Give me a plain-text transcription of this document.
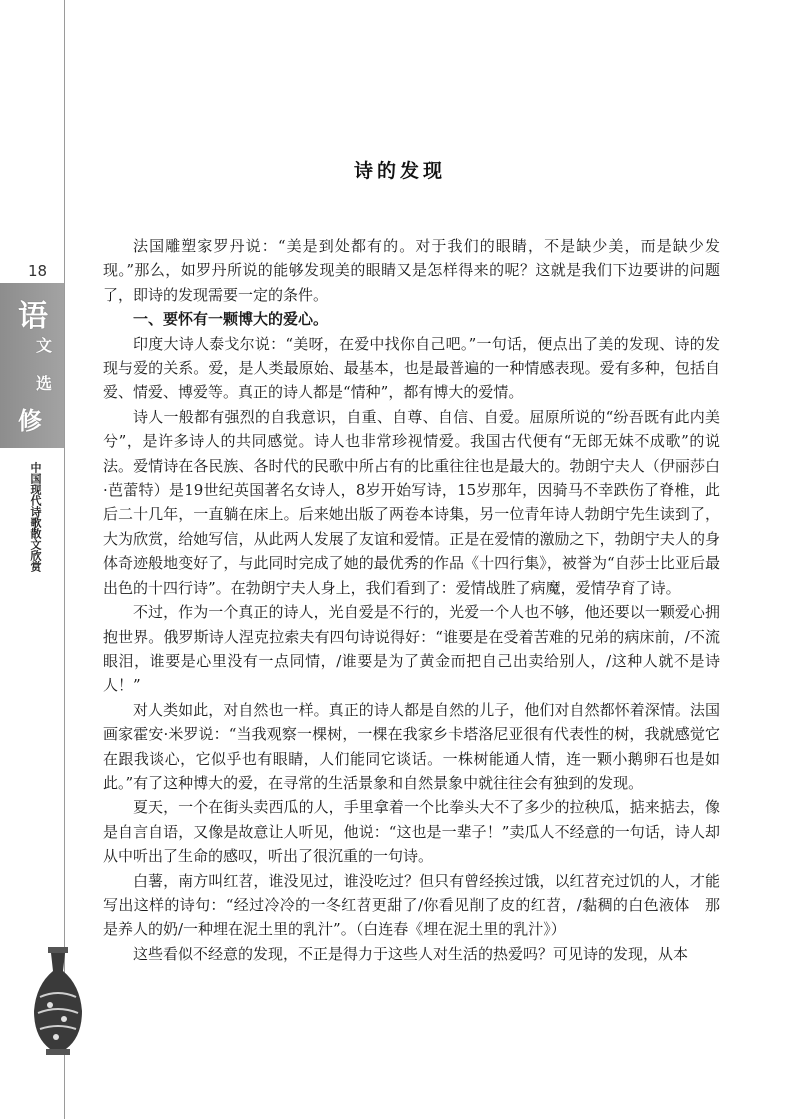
18
语
文
选
修
中国现代诗歌散文欣赏
诗的发现

法国雕塑家罗丹说：“美是到处都有的。对于我们的眼睛，不是缺少美，而是缺少发现。”那么，如罗丹所说的能够发现美的眼睛又是怎样得来的呢？这就是我们下边要讲的问题了，即诗的发现需要一定的条件。

一、要怀有一颗博大的爱心。

印度大诗人泰戈尔说：“美呀，在爱中找你自己吧。”一句话，便点出了美的发现、诗的发现与爱的关系。爱，是人类最原始、最基本，也是最普遍的一种情感表现。爱有多种，包括自爱、情爱、博爱等。真正的诗人都是“情种”，都有博大的爱情。

诗人一般都有强烈的自我意识，自重、自尊、自信、自爱。屈原所说的“纷吾既有此内美兮”，是许多诗人的共同感觉。诗人也非常珍视情爱。我国古代便有“无郎无妹不成歌”的说法。爱情诗在各民族、各时代的民歌中所占有的比重往往也是最大的。勃朗宁夫人（伊丽莎白·芭蕾特）是19世纪英国著名女诗人，8岁开始写诗，15岁那年，因骑马不幸跌伤了脊椎，此后二十几年，一直躺在床上。后来她出版了两卷本诗集，另一位青年诗人勃朗宁先生读到了，大为欣赏，给她写信，从此两人发展了友谊和爱情。正是在爱情的激励之下，勃朗宁夫人的身体奇迹般地变好了，与此同时完成了她的最优秀的作品《十四行集》，被誉为“自莎士比亚后最出色的十四行诗”。在勃朗宁夫人身上，我们看到了：爱情战胜了病魔，爱情孕育了诗。

不过，作为一个真正的诗人，光自爱是不行的，光爱一个人也不够，他还要以一颗爱心拥抱世界。俄罗斯诗人涅克拉索夫有四句诗说得好：“谁要是在受着苦难的兄弟的病床前，/不流眼泪，谁要是心里没有一点同情，/谁要是为了黄金而把自己出卖给别人，/这种人就不是诗人！”

对人类如此，对自然也一样。真正的诗人都是自然的儿子，他们对自然都怀着深情。法国画家霍安·米罗说：“当我观察一棵树，一棵在我家乡卡塔洛尼亚很有代表性的树，我就感觉它在跟我谈心，它似乎也有眼睛，人们能同它谈话。一株树能通人情，连一颗小鹅卵石也是如此。”有了这种博大的爱，在寻常的生活景象和自然景象中就往往会有独到的发现。

夏天，一个在街头卖西瓜的人，手里拿着一个比拳头大不了多少的拉秧瓜，掂来掂去，像是自言自语，又像是故意让人听见，他说：“这也是一辈子！”卖瓜人不经意的一句话，诗人却从中听出了生命的感叹，听出了很沉重的一句诗。

白薯，南方叫红苕，谁没见过，谁没吃过？但只有曾经挨过饿，以红苕充过饥的人，才能写出这样的诗句：“经过冷冷的一冬红苕更甜了/你看见削了皮的红苕，/黏稠的白色液体　那是养人的奶/一种埋在泥土里的乳汁”。（白连春《埋在泥土里的乳汁》）

这些看似不经意的发现，不正是得力于这些人对生活的热爱吗？可见诗的发现，从本
